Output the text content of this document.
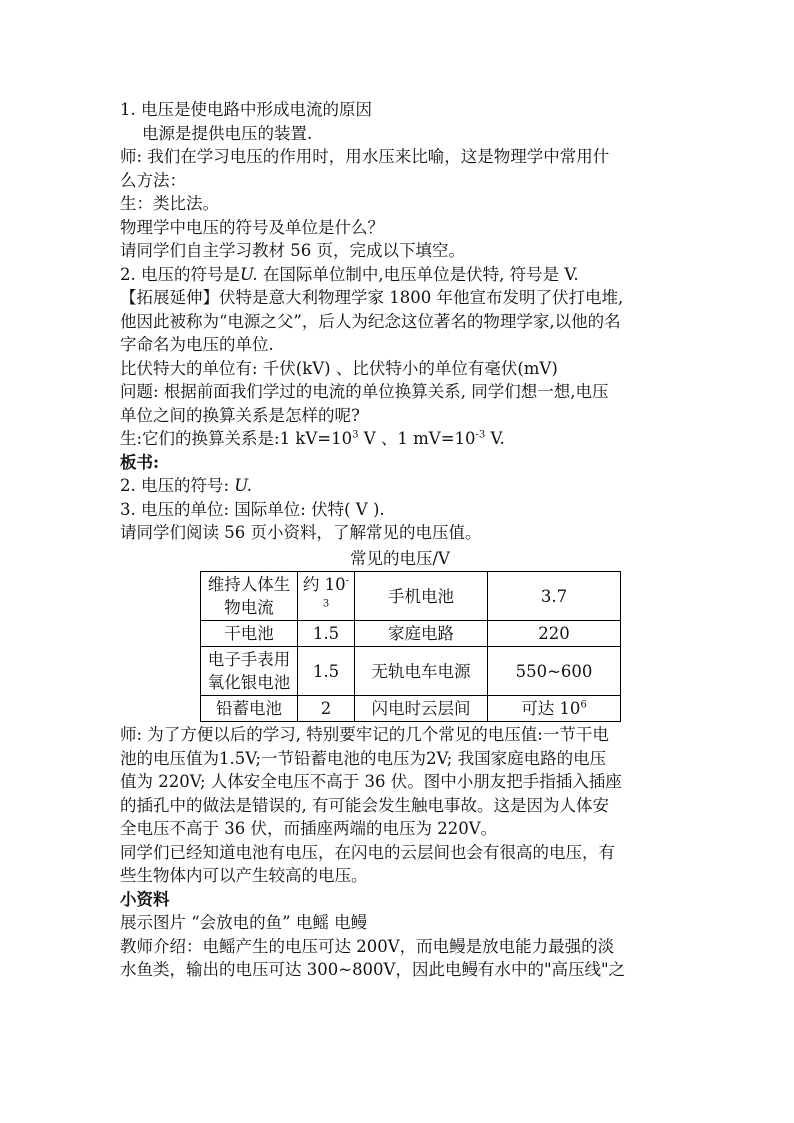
1. 电压是使电路中形成电流的原因
电源是提供电压的装置.
师: 我们在学习电压的作用时，用水压来比喻，这是物理学中常用什
么方法：
生：类比法。
物理学中电压的符号及单位是什么？
请同学们自主学习教材 56 页，完成以下填空。
2. 电压的符号是U. 在国际单位制中,电压单位是伏特, 符号是 V.
【拓展延伸】伏特是意大利物理学家 1800 年他宣布发明了伏打电堆,
他因此被称为“电源之父”，后人为纪念这位著名的物理学家,以他的名
字命名为电压的单位.
比伏特大的单位有: 千伏(kV) 、比伏特小的单位有毫伏(mV)
问题: 根据前面我们学过的电流的单位换算关系, 同学们想一想,电压
单位之间的换算关系是怎样的呢?
生:它们的换算关系是:1 $kV=10^3$ V 、1 $mV=10^{-3}$ V.
板书:
2. 电压的符号: U.
3. 电压的单位: 国际单位: 伏特( V ).
请同学们阅读 56 页小资料，了解常见的电压值。
常见的电压/V
维持人体生
物电流	约 $10^{-3}$	手机电池	3.7
干电池	1.5	家庭电路	220

电子手表用
氧化银电池	1.5	无轨电车电源	550~600
铅蓄电池	2	闪电时云层间	可达 $10^6$
师: 为了方便以后的学习, 特别要牢记的几个常见的电压值:一节干电
池的电压值为1.5V;一节铅蓄电池的电压为2V; 我国家庭电路的电压
值为 220V; 人体安全电压不高于 36 伏。图中小朋友把手指插入插座
的插孔中的做法是错误的, 有可能会发生触电事故。这是因为人体安
全电压不高于 36 伏，而插座两端的电压为 220V。
同学们已经知道电池有电压，在闪电的云层间也会有很高的电压，有
些生物体内可以产生较高的电压。
小资料
展示图片 “会放电的鱼” 电鳐 电鳗
教师介绍：电鳐产生的电压可达 200V，而电鳗是放电能力最强的淡
水鱼类，输出的电压可达 300~800V，因此电鳗有水中的"高压线"之
